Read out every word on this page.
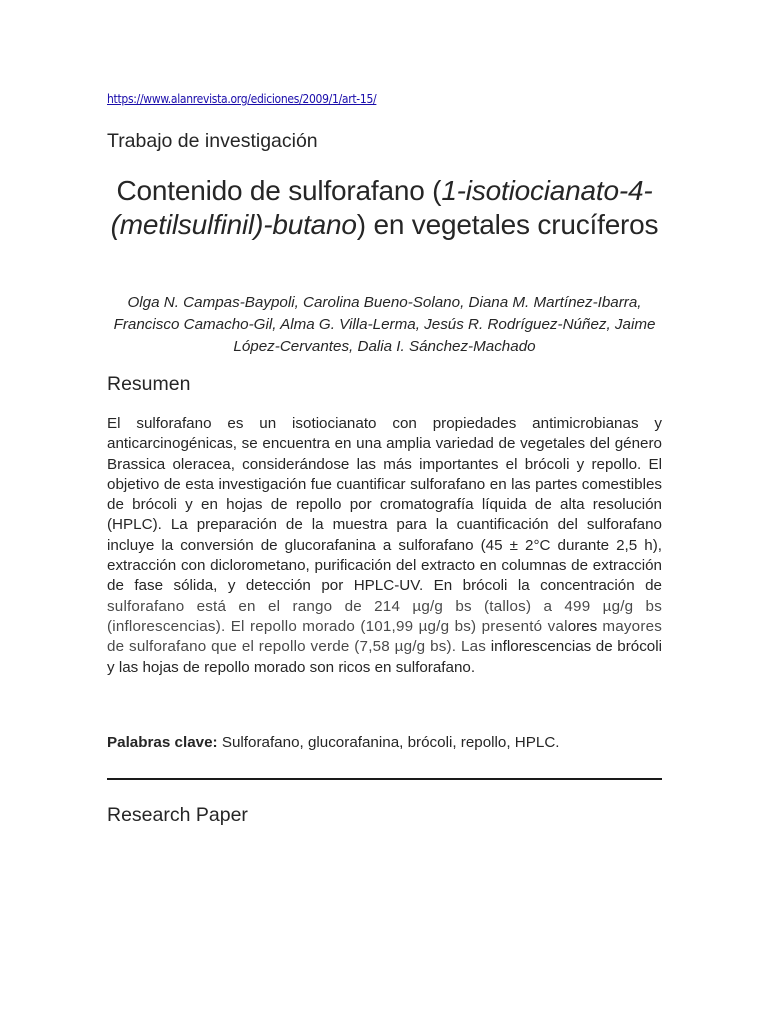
https://www.alanrevista.org/ediciones/2009/1/art-15/
Trabajo de investigación
Contenido de sulforafano (1-isotiocianato-4-(metilsulfinil)-butano) en vegetales crucíferos
Olga N. Campas-Baypoli, Carolina Bueno-Solano, Diana M. Martínez-Ibarra, Francisco Camacho-Gil, Alma G. Villa-Lerma, Jesús R. Rodríguez-Núñez, Jaime López-Cervantes, Dalia I. Sánchez-Machado
Resumen

El sulforafano es un isotiocianato con propiedades antimicrobianas y anticarcinogénicas, se encuentra en una amplia variedad de vegetales del género Brassica oleracea, considerándose las más importantes el brócoli y repollo. El objetivo de esta investigación fue cuantificar sulforafano en las partes comestibles de brócoli y en hojas de repollo por cromatografía líquida de alta resolución (HPLC). La preparación de la muestra para la cuantificación del sulforafano incluye la conversión de glucorafanina a sulforafano (45 ± 2°C durante 2,5 h), extracción con diclorometano, purificación del extracto en columnas de extracción de fase sólida, y detección por HPLC-UV. En brócoli la concentración de sulforafano está en el rango de 214 µg/g bs (tallos) a 499 µg/g bs (inflorescencias). El repollo morado (101,99 µg/g bs) presentó valores mayores de sulforafano que el repollo verde (7,58 µg/g bs). Las inflorescencias de brócoli y las hojas de repollo morado son ricos en sulforafano.

Palabras clave: Sulforafano, glucorafanina, brócoli, repollo, HPLC.
Research Paper
